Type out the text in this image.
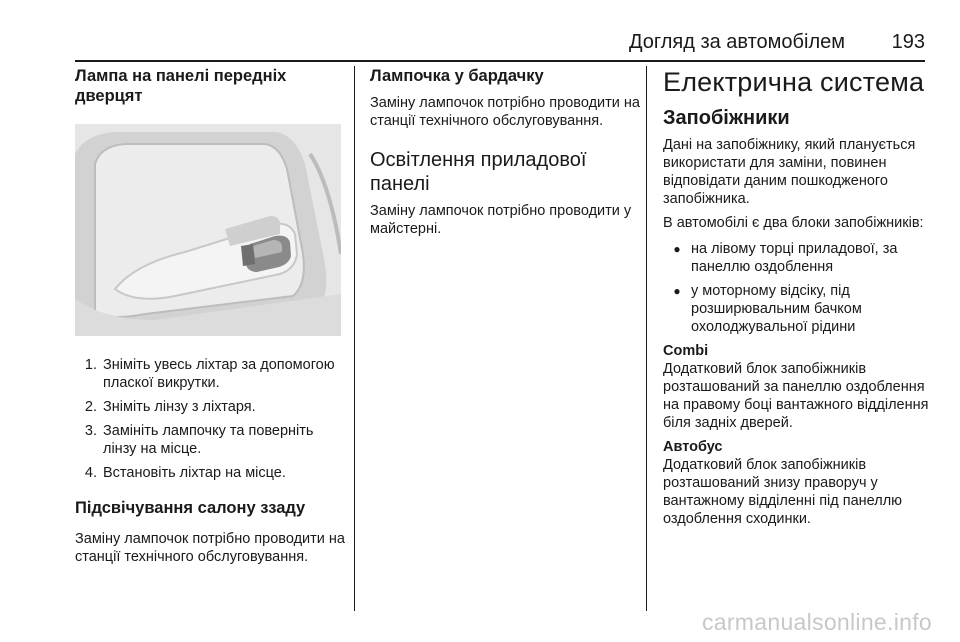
Догляд за автомобілем 193
Лампа на панелі передніх дверцят
1. Зніміть увесь ліхтар за допомогою пласкої викрутки.
2. Зніміть лінзу з ліхтаря.
3. Замініть лампочку та поверніть лінзу на місце.
4. Встановіть ліхтар на місце.
Підсвічування салону ззаду

Заміну лампочок потрібно проводити на станції технічного обслуговування.

Лампочка у бардачку

Заміну лампочок потрібно проводити на станції технічного обслуговування.

Освітлення приладової панелі

Заміну лампочок потрібно проводити у майстерні.

Електрична система
Запобіжники

Дані на запобіжнику, який планується використати для заміни, повинен відповідати даним пошкодженого запобіжника.

В автомобілі є два блоки запобіжників:

● на лівому торці приладової, за панеллю оздоблення
● у моторному відсіку, під розширювальним бачком охолоджувальної рідини

Combi

Додатковий блок запобіжників розташований за панеллю оздоблення на правому боці вантажного відділення біля задніх дверей.

Автобус

Додатковий блок запобіжників розташований знизу праворуч у вантажному відділенні під панеллю оздоблення сходинки.

carmanualsonline.info
